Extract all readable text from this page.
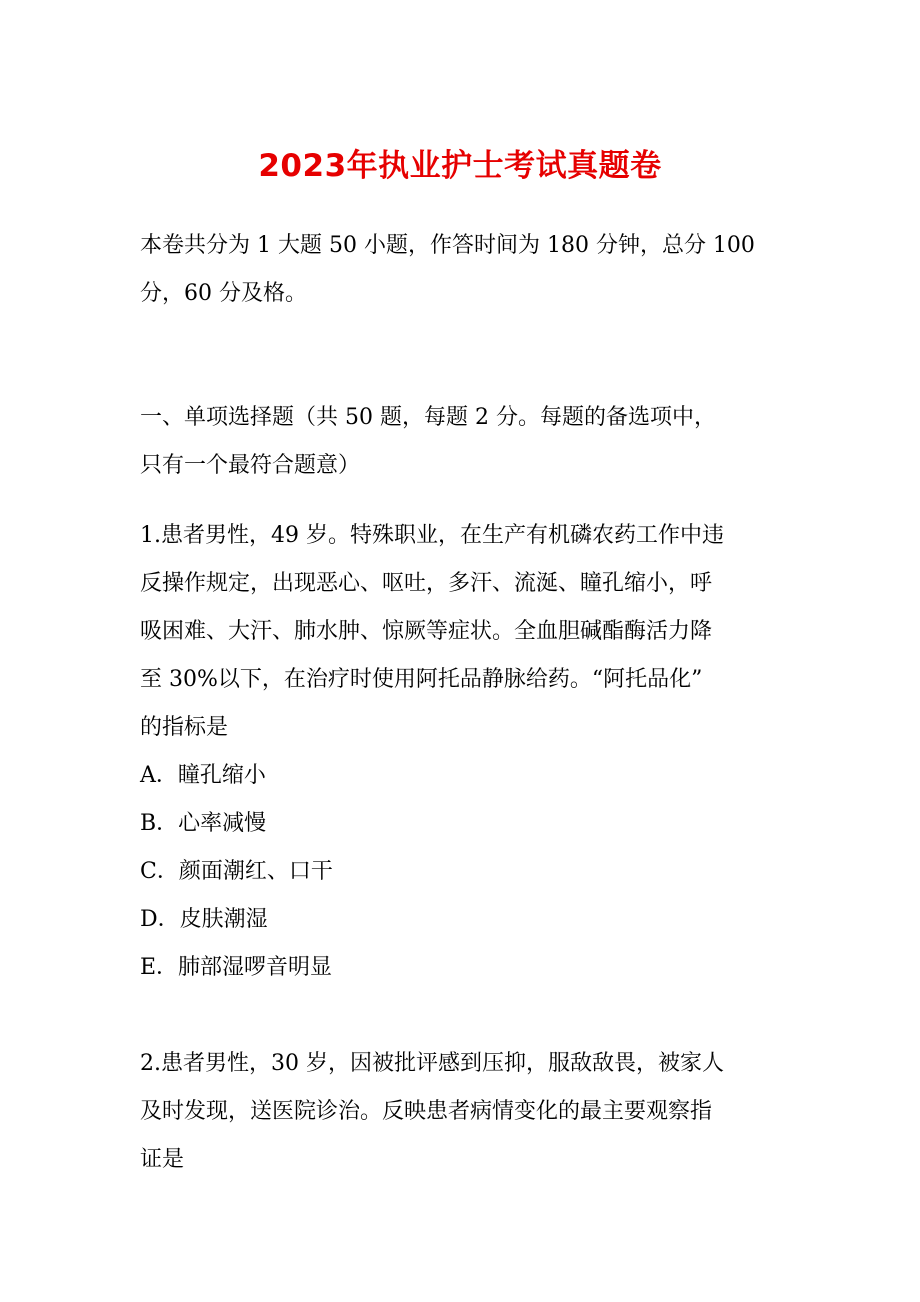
2023年执业护士考试真题卷
本卷共分为 1 大题 50 小题，作答时间为 180 分钟，总分 100
分，60 分及格。
一、单项选择题（共 50 题，每题 2 分。每题的备选项中，
只有一个最符合题意）
1.患者男性，49 岁。特殊职业，在生产有机磷农药工作中违
反操作规定，出现恶心、呕吐，多汗、流涎、瞳孔缩小，呼
吸困难、大汗、肺水肿、惊厥等症状。全血胆碱酯酶活力降
至 30%以下，在治疗时使用阿托品静脉给药。“阿托品化”
的指标是
A．瞳孔缩小
B．心率减慢
C．颜面潮红、口干
D．皮肤潮湿
E．肺部湿啰音明显
2.患者男性，30 岁，因被批评感到压抑，服敌敌畏，被家人
及时发现，送医院诊治。反映患者病情变化的最主要观察指
证是
